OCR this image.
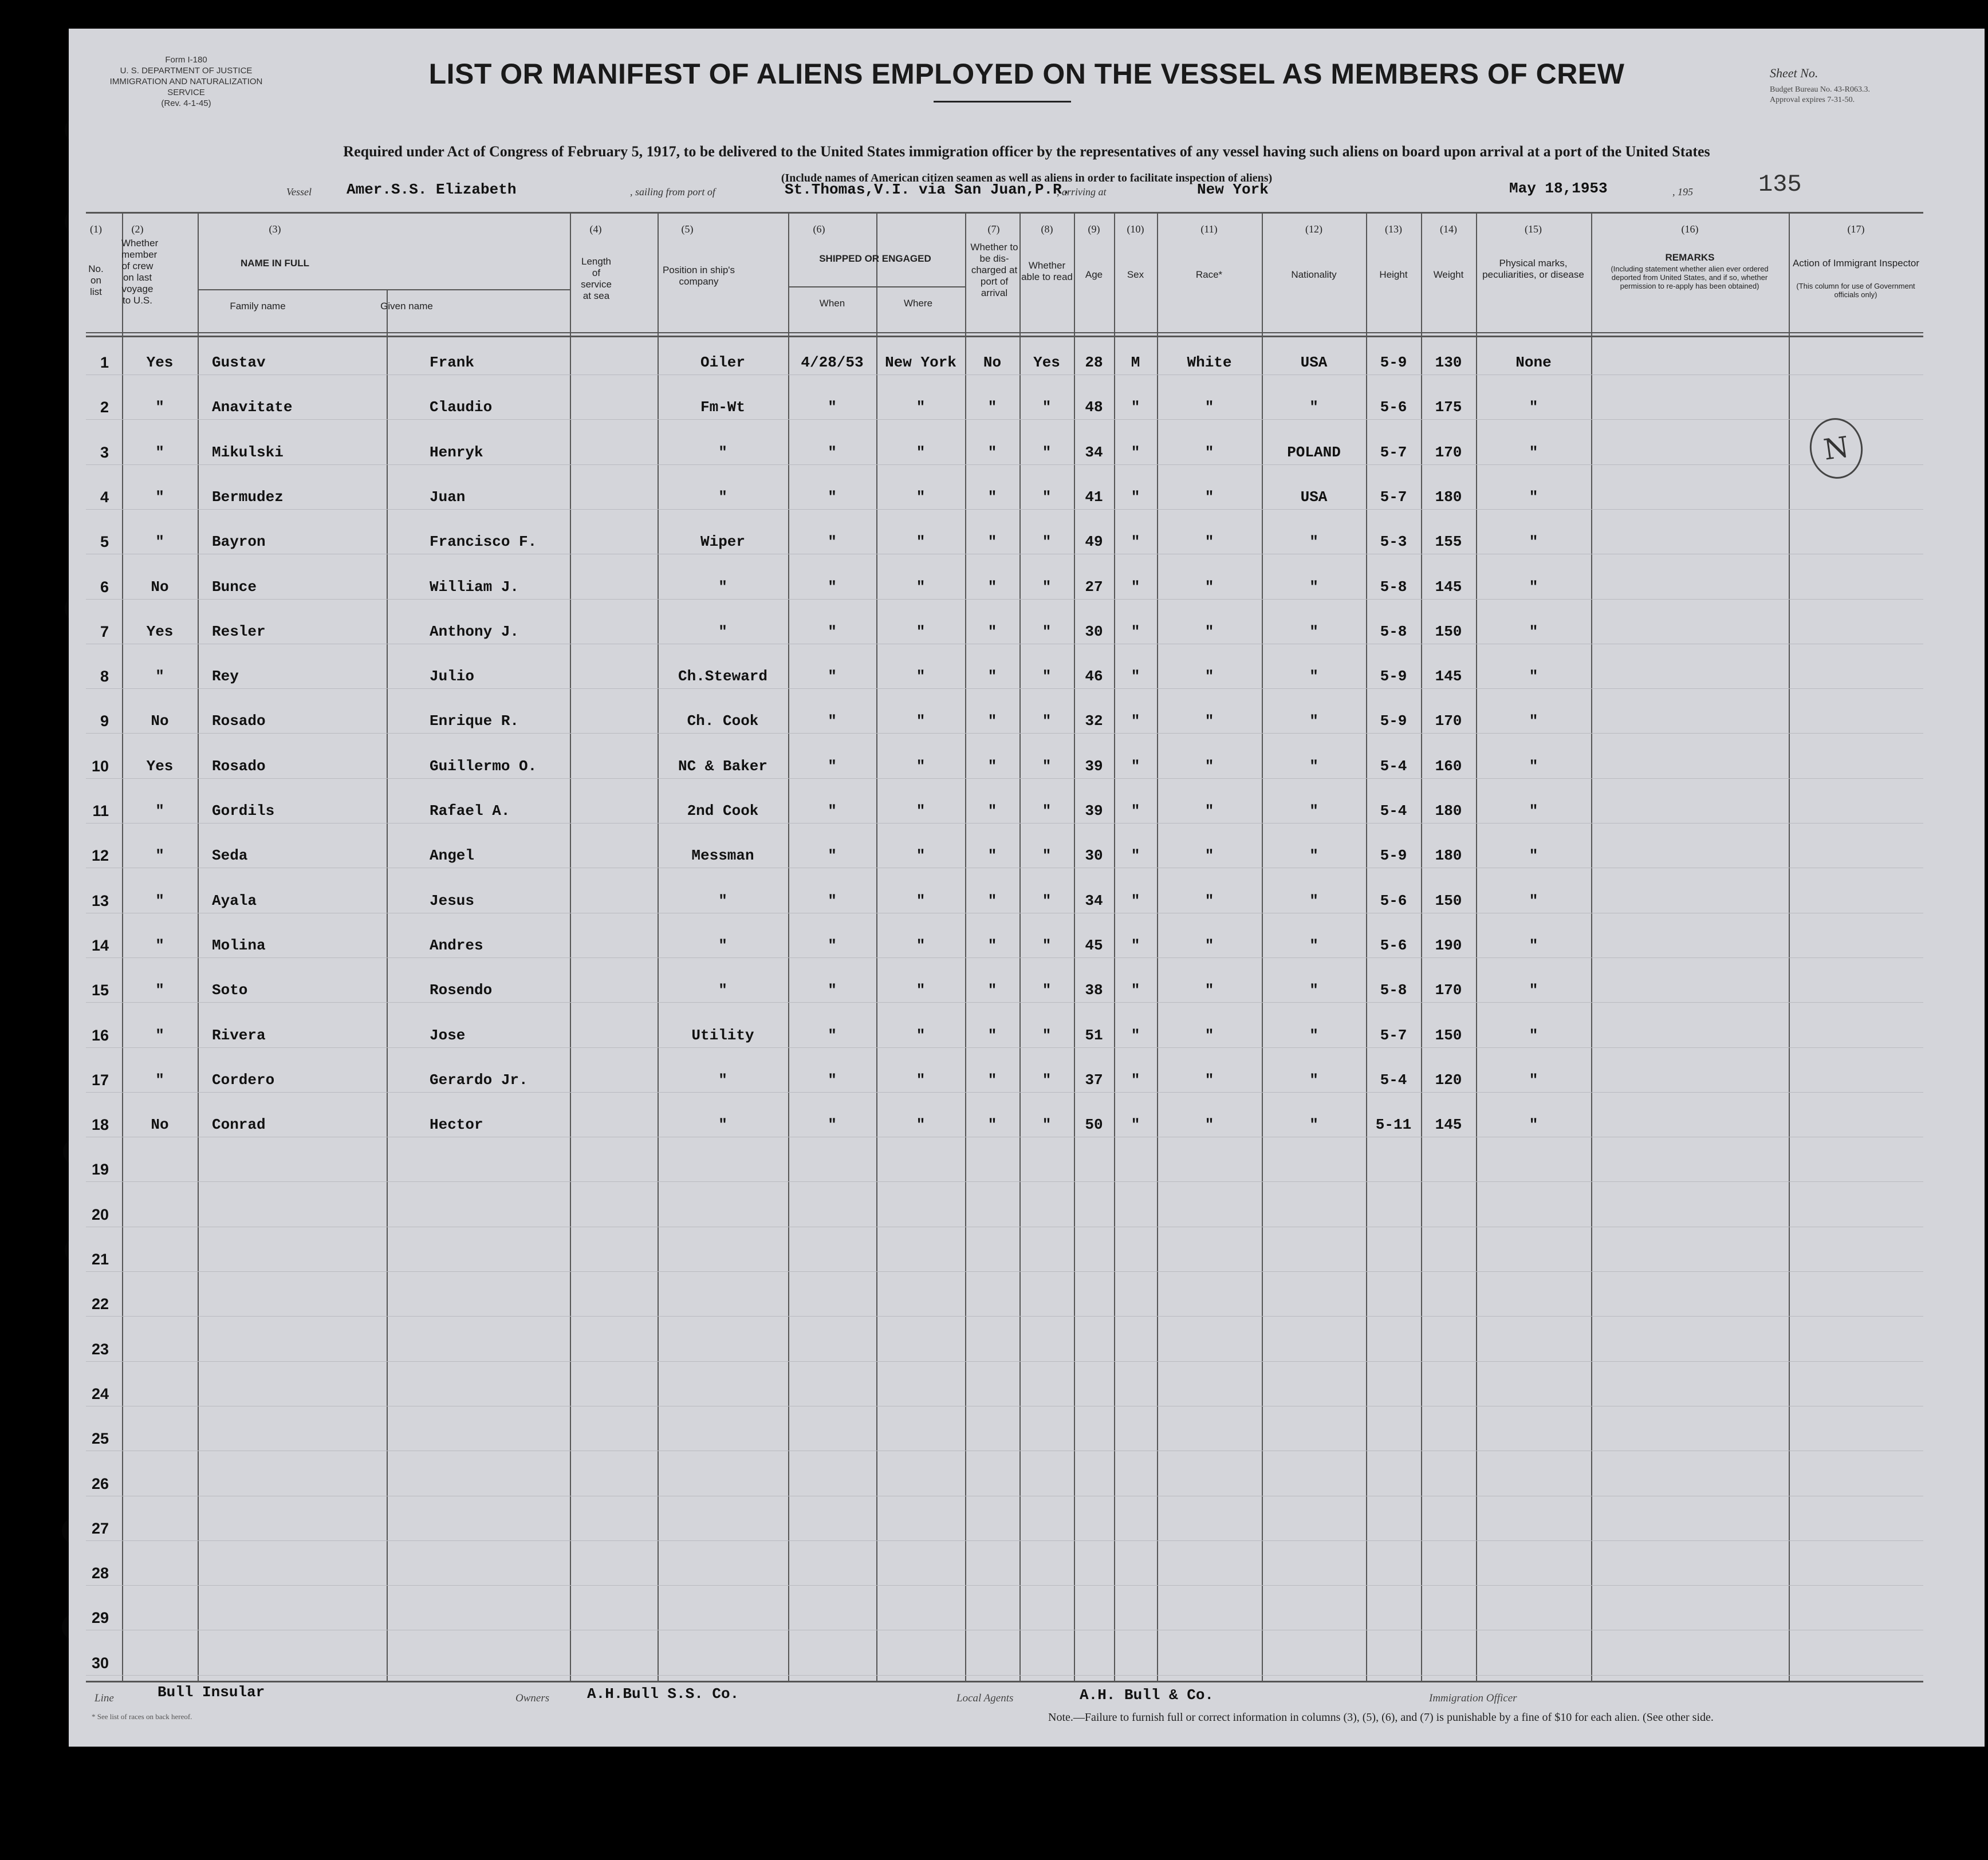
Form I-180
U. S. DEPARTMENT OF JUSTICE
IMMIGRATION AND NATURALIZATION SERVICE
(Rev. 4-1-45)
LIST OR MANIFEST OF ALIENS EMPLOYED ON THE VESSEL AS MEMBERS OF CREW	Sheet No.
Budget Bureau No. 43-R063.3.
Approval expires 7-31-50.
135
Required under Act of Congress of February 5, 1917, to be delivered to the United States immigration officer by the representatives of any vessel having such aliens on board upon arrival at a port of the United States
(Include names of American citizen seamen as well as aliens in order to facilitate inspection of aliens)
Vessel Amer.S.S. Elizabeth	, sailing from port of	St.Thomas,V.I. via San Juan,P.R.
, arriving at	New York	May 18,1953	, 195
(1)
No. on list
(2)
Whether member of crew on last voyage to U.S.
(3)
NAME IN FULL
Family name	Given name
(4)
Length of service at sea
(5)
Position in ship's company
(6)
SHIPPED OR ENGAGED
When	Where
(7)
Whether to be dis-charged at port of arrival
(8)
Whether able to read
(9)
Age
(10)
Sex
(11)
Race*
(12)
Nationality
(13)
Height
(14)
Weight
(15)
Physical marks, peculiarities, or disease
(16)
REMARKS
(Including statement whether alien ever ordered deported from United States, and if so, whether permission to re-apply has been obtained)
(17)
Action of Immigrant Inspector
(This column for use of Government officials only)
1	Yes	Gustav	Frank	Oiler	4/28/53	New York	No	Yes	28	M	White	USA	5-9	130	None
2	"	Anavitate	Claudio	Fm-Wt	"	"	"	"	48	"	"	"	5-6	175	"
3	"	Mikulski	Henryk	"	"	"	"	"	34	"	"	POLAND	5-7	170	"
4	"	Bermudez	Juan	"	"	"	"	"	41	"	"	USA	5-7	180	"
5	"	Bayron	Francisco F.	Wiper	"	"	"	"	49	"	"	"	5-3	155	"
6	No	Bunce	William J.	"	"	"	"	"	27	"	"	"	5-8	145	"
7	Yes	Resler	Anthony J.	"	"	"	"	"	30	"	"	"	5-8	150	"
8	"	Rey	Julio	Ch.Steward	"	"	"	"	46	"	"	"	5-9	145	"
9	No	Rosado	Enrique R.	Ch. Cook	"	"	"	"	32	"	"	"	5-9	170	"
10	Yes	Rosado	Guillermo O.	NC & Baker	"	"	"	"	39	"	"	"	5-4	160	"
11	"	Gordils	Rafael A.	2nd Cook	"	"	"	"	39	"	"	"	5-4	180	"
12	"	Seda	Angel	Messman	"	"	"	"	30	"	"	"	5-9	180	"
13	"	Ayala	Jesus	"	"	"	"	"	34	"	"	"	5-6	150	"
14	"	Molina	Andres	"	"	"	"	"	45	"	"	"	5-6	190	"
15	"	Soto	Rosendo	"	"	"	"	"	38	"	"	"	5-8	170	"
16	"	Rivera	Jose	Utility	"	"	"	"	51	"	"	"	5-7	150	"
17	"	Cordero	Gerardo Jr.	"	"	"	"	"	37	"	"	"	5-4	120	"
18	No	Conrad	Hector	"	"	"	"	"	50	"	"	"	5-11	145	"
19
20
21
22
23
24
25
26
27
28
29
30
N
Line	Bull Insular	Owners	A.H.Bull S.S. Co.	Local Agents	A.H. Bull & Co.	Immigration Officer
* See list of races on back hereof.	Note.—Failure to furnish full or correct information in columns (3), (5), (6), and (7) is punishable by a fine of $10 for each alien. (See other side.
